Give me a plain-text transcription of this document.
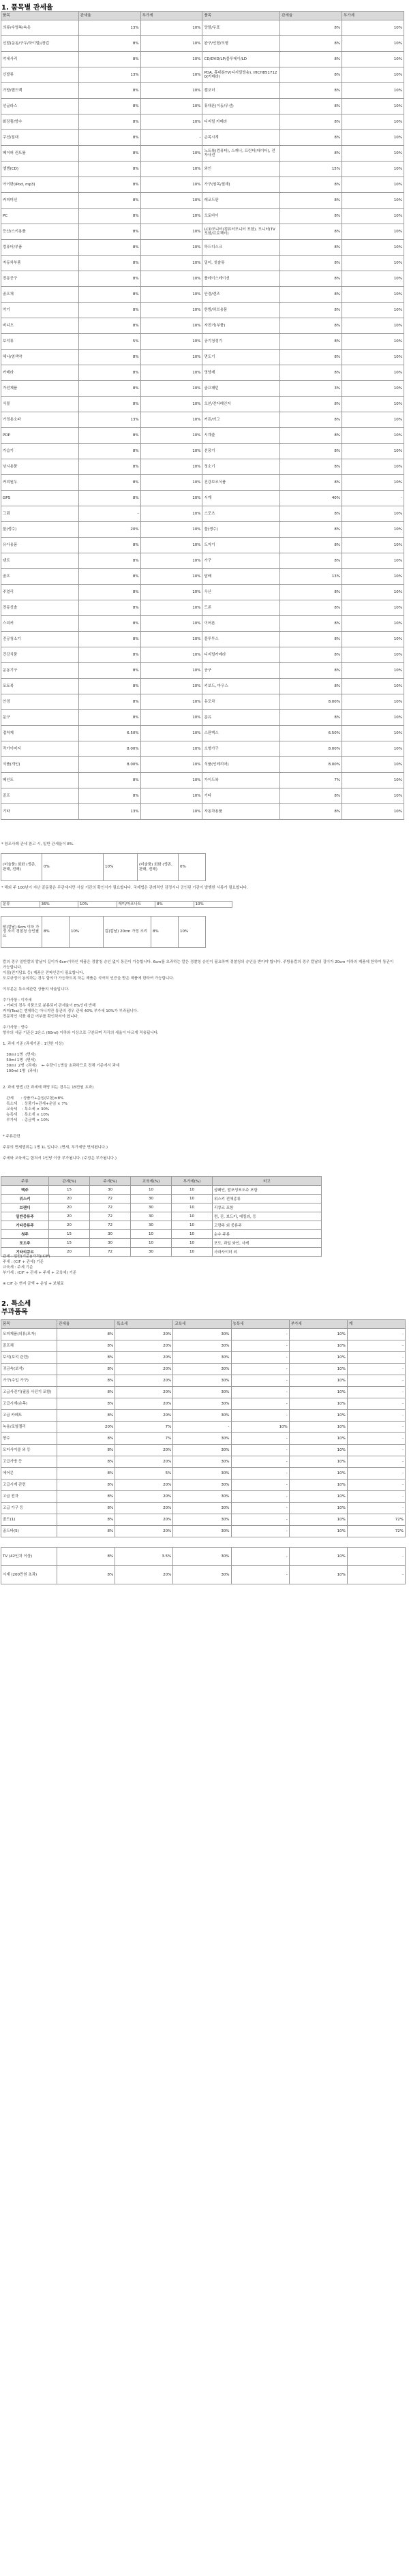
1. 품목별 관세율
품목	관세율	부가세	품목	관세율	부가세
의류/수영복/속옷	13%	10%	양말/우표	8%	10%
신발(운동/구두/하이힐)/장갑	8%	10%	완구/인형/모형	8%	10%
악세사리	8%	10%	CD/DVD/LP/블루레이/LD	8%	10%
신발류	13%	10%	PDA, 휴대용TV(디지털방송), IHCH8517120(카메라)	8%	10%
가방/핸드백	8%	10%	캠코더	8%	10%
선글라스	8%	10%	휴대폰(이동/무선)	8%	10%
화장품/향수	8%	10%	디지털 카메라	8%	10%
쿠션/침대	8%	-	손목시계	8%	10%
페이퍼 컨트롤	8%	10%	노트북(컴퓨터), 스캐너, 프린터(데이터), 전자사전	8%	10%
앨범(CD)	8%	10%	와인	15%	10%
아이팟(iPod, mp3)	8%	10%	가구(원목/철재)	8%	10%
커피머신	8%	10%	레코드판	8%	10%
PC	8%	10%	오토바이	8%	10%
등산/스키용품	8%	10%	LCD모니터(컴퓨터모니터 포함), 모니터(TV포함/프로젝터)	8%	10%
컴퓨터/부품	8%	10%	하드디스크	8%	10%
자동차부품	8%	10%	밀어, 칫솔류	8%	10%
전동공구	8%	10%	플레이스테이션	8%	10%
골프채	8%	10%	안경/렌즈	8%	10%
악기	8%	10%	한방/허브용품	8%	10%
비디오	8%	10%	자전거(부품)	8%	10%
보석류	5%	10%	공기청정기	8%	10%
헤나/염색약	8%	10%	면도기	8%	10%
카메라	8%	10%	영양제	8%	10%
가전제품	8%	10%	골프패턴	3%	10%
식물	8%	10%	오븐/전자레인지	8%	10%
가정용소파	13%	10%	커튼/러그	8%	10%
PDP	8%	10%	시계줄	8%	10%
가습기	8%	10%	선풍기	8%	10%
낚시용품	8%	10%	청소기	8%	10%
커피원두	8%	10%	건강보조식품	8%	10%
GPS	8%	10%	시계	40%	-
그림	-	10%	스포츠	8%	10%
물(생수)	20%	10%	물(생수)	8%	10%
유아용품	8%	10%	도자기	8%	10%
텐트	8%	10%	가구	8%	10%
골프	8%	10%	담배	13%	10%
주얼리	8%	10%	우산	8%	10%
전동칫솔	8%	10%	드론	8%	10%
스피커	8%	10%	이어폰	8%	10%
진공청소기	8%	10%	블루투스	8%	10%
건강식품	8%	10%	디지털카메라	8%	10%
운동기구	8%	10%	공구	8%	10%
포토북	8%	10%	키보드, 마우스	8%	10%
안경	8%	10%	유모차	8.00%	10%
문구	8%	10%	분유	8%	10%
접착제	6.50%	10%	스판덱스	6.50%	10%
작가이미지	8.00%	10%	소형가구	8.00%	10%
식품(개인)	8.00%	10%	식품(인테리어)	8.00%	10%
페인트	8%	10%	가이드북	7%	10%
골프	8%	10%	기타	8%	10%
기타	13%	10%	자동차용품	8%	10%
* 참조사례 관세 참고 시, 일반 관세율이 8%.
(미술품) 회화 (생존, 판매, 전매)	0%	10%	(미술품) 회화 (생존, 판매, 전매)	0%
* 해외 주 100년이 지난 골동품은 무관세지만 사실 기관의 확인서가 필요합니다. 국제법은 관례적인 감정서나 공인된 기관이 발행한 서류가 필요합니다.
분류	36%	10%	레미/마포나트	8%	10%
탈(칼날) 6cm 이하 가정 조리 경찰청 승인필요	8%	10%	칼(칼날) 20cm 가정 조리	8%	10%
칼의 경우 일반칼의 칼날이 길이가 6cm이하인 제품은 경찰청 승인 없이 통관이 가능합니다. 6cm를 초과하는 칼은 경찰청 승인이 필요하며 경찰청의 승인을 받아야 합니다. 주방용칼의 경우 칼날의 길이가 20cm 이하의 제품에 한하여 통관이 가능합니다.
이불(전기담요 등) 제품은 전파인증이 필요합니다.
도로규정이 동의하는 경우 합의가 가능하도록 하는 제품은 식약처 인증을 받은 제품에 한하여 가능합니다.
이부분은 특소세관련 상품의 세율입니다.
추가사항 : 이자세
- 커피의 경우 식품으로 분류되어 관세율이 8%인데 반해
커피(Tea)는 엔제하는 아니지만 통관의 경우 관세 40% 부가세 10%가 부과됩니다.
전문적인 식품 취급 여부를 확인하셔야 합니다.
추가사항 : 향수
향수의 세금 기준은 2온스 (60ml) 이하와 이상으로 구분되며 각각의 세율이 다르게 적용됩니다.
1. 과세 기준 (과세기준 : 1인한 이상)
30ml 1병  (면세)
50ml 1병  (면세)
30ml  2병  (과세)    ← 수량이 1병을 초과하므로 전체 기준에서 과세
100ml 1병  (과세)
2. 과세 방법 (단 과세에 해당 되는 경우는 15만원 초과)
관세      : 상품가+운임(보험)×8%
특소세    : 상품가+관세+운임 × 7%
교육세    : 특소세 × 30%
농특세    : 특소세 × 10%
부가세    : 총금액 × 10%
* 주류관련
주류의 면세범위는 1병 1L 입니다. (면세, 부가세만 면세됩니다.)
주세와 교육세는 합쳐서 1인당 이상 부가됩니다. (주정은 부가됩니다.)
주류	관세(%)	주세(%)	교육세(%)	부가세(%)	비고
맥주	15	30	10	10	샴페인, 발포성포도주 포함
위스키	20	72	30	10	위스키 전체종류
브랜디	20	72	30	10	리큐르 포함
일반증류주	20	72	30	10	럼, 진, 보드카, 데킬라, 등
기타증류주	20	72	30	10	고량주 외 중류주
청주	15	30	10	10	순수 주류
포도주	15	30	10	10	포도, 과일 와인, 사케
기타리큐르	20	72	30	10	사과사이더 외
관세 : 일반(기준)(가격)(CIF)
주세 : (CIF + 관세) 기준
교육세 : 주세 기준
부가세 : (CIF + 관세 + 주세 + 교육세) 기준
※ CIF 는 현지 금액 + 운임 + 보험료
2. 특소세
부과품목
품목	관세율	특소세	교육세	농특세	부가세	계
모피제품(의류/모자)	8%	20%	30%	-	10%	-
골프채	8%	20%	30%	-	10%	-
보석(보석 관련)	8%	20%	30%	-	10%	-
귀금속(보석)	8%	20%	30%	-	10%	-
가구(수입 가구)	8%	20%	30%	-	10%	-
고급사진기(필름 사진기 포함)	8%	20%	30%	-	10%	-
고급시계(손목)	8%	20%	30%	-	10%	-
고급 카페트	8%	20%	30%	-	10%	-
녹용/로열젤리	20%	7%	-	10%	10%	-
향수	8%	7%	30%	-	10%	-
모터사이클 외 등	8%	20%	30%	-	10%	-
고급가방 등	8%	20%	30%	-	10%	-
에어콘	8%	5%	30%	-	10%	-
고급시계 관련	8%	20%	30%	-	10%	-
고급 전자	8%	20%	30%	-	10%	-
고급 가구 등	8%	20%	30%	-	10%	-
골드(1)	8%	20%	30%	-	10%	72%
골드바(5)	8%	20%	30%	-	10%	72%
TV (42인치 이상)	8%	3.5%	30%	-	10%	-
시계 (200만원 초과)	8%	20%	30%	-	10%	-
